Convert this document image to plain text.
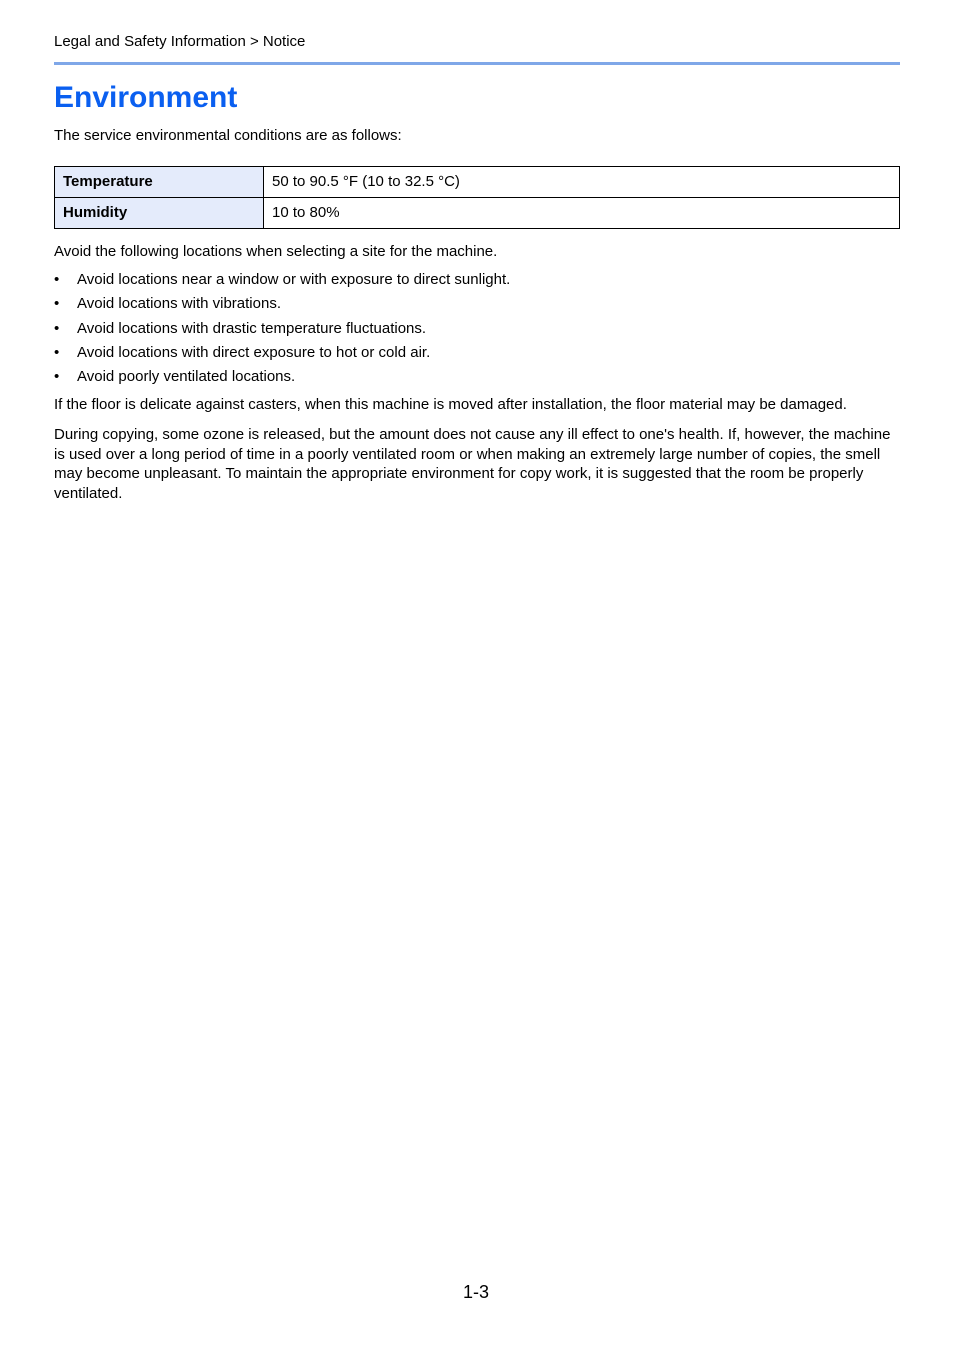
Legal and Safety Information > Notice
Environment

The service environmental conditions are as follows:

Temperature	50 to 90.5 °F (10 to 32.5 °C)
Humidity	10 to 80%

Avoid the following locations when selecting a site for the machine.

• Avoid locations near a window or with exposure to direct sunlight.
• Avoid locations with vibrations.
• Avoid locations with drastic temperature fluctuations.
• Avoid locations with direct exposure to hot or cold air.
• Avoid poorly ventilated locations.

If the floor is delicate against casters, when this machine is moved after installation, the floor material may be damaged.

During copying, some ozone is released, but the amount does not cause any ill effect to one's health. If, however, the machine is used over a long period of time in a poorly ventilated room or when making an extremely large number of copies, the smell may become unpleasant. To maintain the appropriate environment for copy work, it is suggested that the room be properly ventilated.

1-3
